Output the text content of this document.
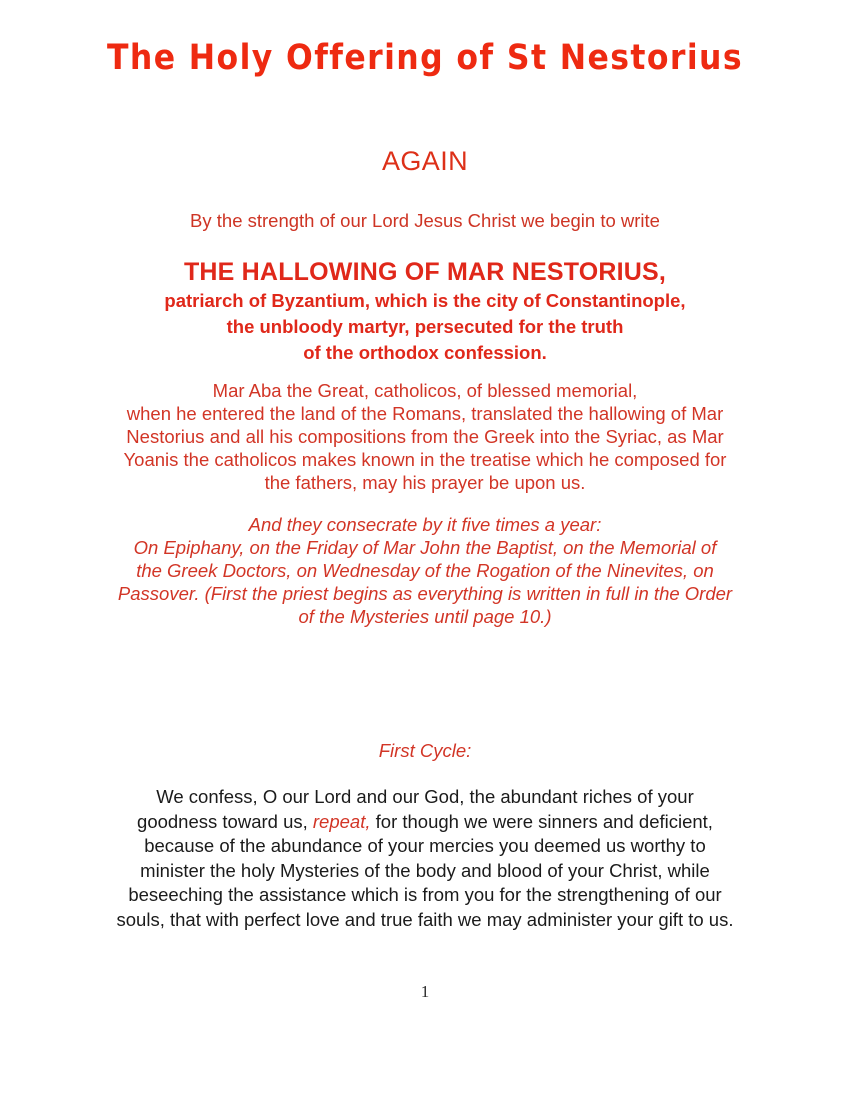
The Holy Offering of St Nestorius
AGAIN
By the strength of our Lord Jesus Christ we begin to write
THE HALLOWING OF MAR NESTORIUS,
patriarch of Byzantium, which is the city of Constantinople,
the unbloody martyr, persecuted for the truth
of the orthodox confession.
Mar Aba the Great, catholicos, of blessed memorial,
when he entered the land of the Romans, translated the hallowing of Mar
Nestorius and all his compositions from the Greek into the Syriac, as Mar
Yoanis the catholicos makes known in the treatise which he composed for
the fathers, may his prayer be upon us.
And they consecrate by it five times a year:
On Epiphany, on the Friday of Mar John the Baptist, on the Memorial of
the Greek Doctors, on Wednesday of the Rogation of the Ninevites, on
Passover. (First the priest begins as everything is written in full in the Order
of the Mysteries until page 10.)
First Cycle:
We confess, O our Lord and our God, the abundant riches of your
goodness toward us, repeat, for though we were sinners and deficient,
because of the abundance of your mercies you deemed us worthy to
minister the holy Mysteries of the body and blood of your Christ, while
beseeching the assistance which is from you for the strengthening of our
souls, that with perfect love and true faith we may administer your gift to us.
1
